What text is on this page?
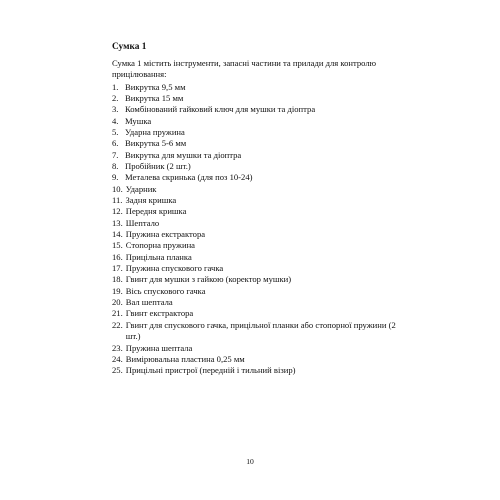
Сумка 1
Сумка 1 містить інструменти, запасні частини та прилади для контролю прицілювання:
1. Викрутка 9,5 мм
2. Викрутка 15 мм
3. Комбінований гайковий ключ для мушки та діоптра
4. Мушка
5. Ударна пружина
6. Викрутка 5-6 мм
7. Викрутка для мушки та діоптра
8. Пробійник (2 шт.)
9. Металева скринька (для поз 10-24)
10. Ударник
11. Задня кришка
12. Передня кришка
13. Шептало
14. Пружина екстрактора
15. Стопорна пружина
16. Прицільна планка
17. Пружина спускового гачка
18. Гвинт для мушки з гайкою (коректор мушки)
19. Вісь спускового гачка
20. Вал шептала
21. Гвинт екстрактора
22. Гвинт для спускового гачка, прицільної планки або стопорної пружини (2 шт.)
23. Пружина шептала
24. Вимірювальна пластина 0,25 мм
25. Прицільні пристрої (передній і тильний візир)
10
